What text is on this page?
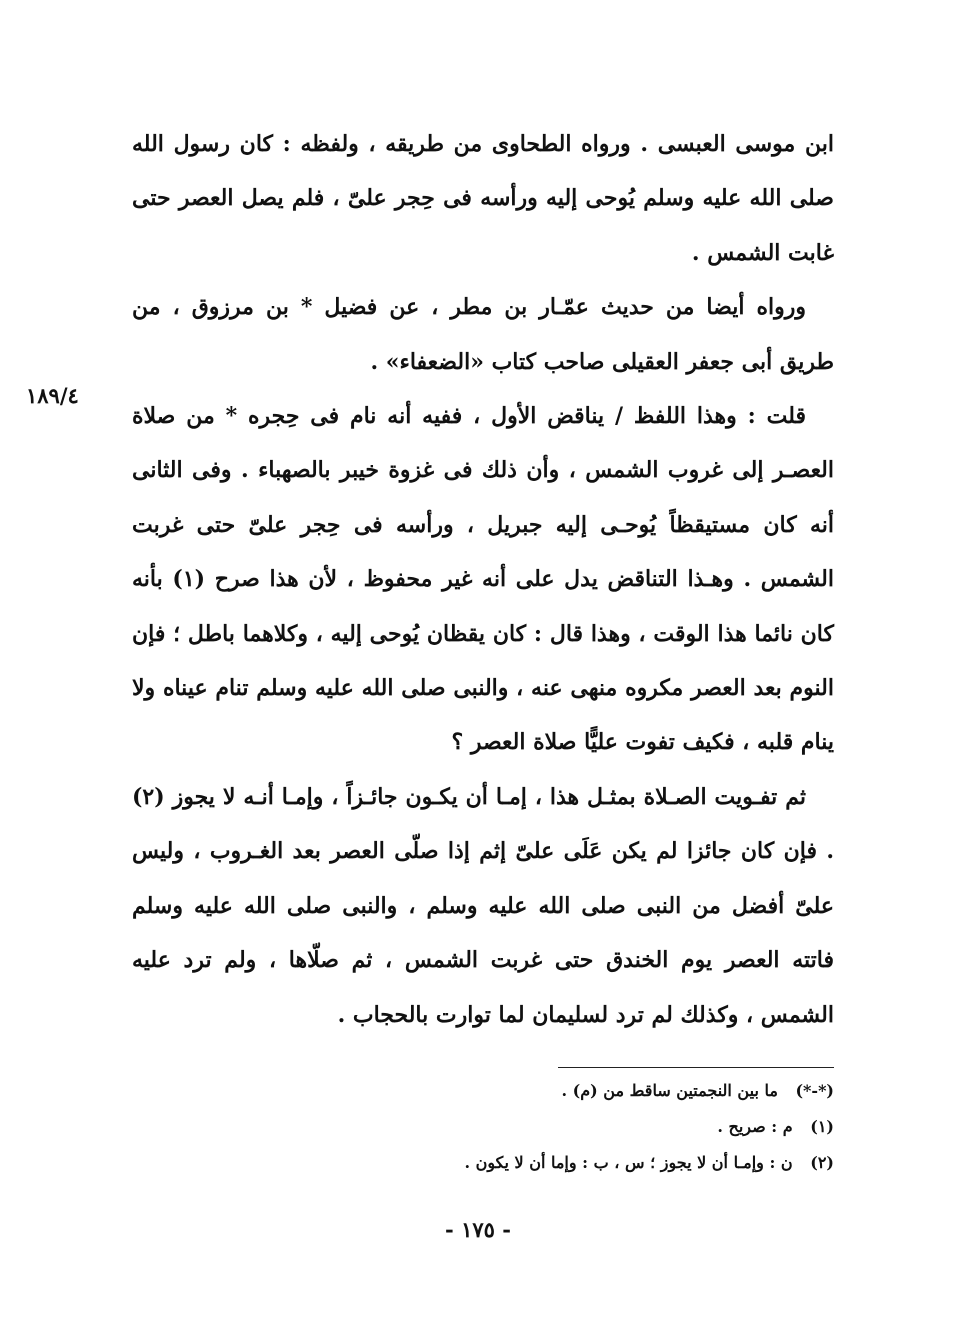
١٨٩/٤

ابن موسى العبسى . ورواه الطحاوى من طريقه ، ولفظه : كان رسول الله صلى الله عليه وسلم يُوحى إليه ورأسه فى حِجر علىّ ، فلم يصل العصر حتى غابت الشمس .

ورواه أيضا من حديث عمّـار بن مطر ، عن فضيل * بن مرزوق ، من طريق أبى جعفر العقيلى صاحب كتاب «الضعفاء» .

قلت : وهذا اللفظ / يناقض الأول ، ففيه أنه نام فى حِجره * من صلاة العصـر إلى غروب الشمس ، وأن ذلك فى غزوة خيبر بالصهباء . وفى الثانى أنه كان مستيقظاً يُوحـى إليه جبريل ، ورأسه فى حِجر علىّ حتى غربت الشمس . وهـذا التناقض يدل على أنه غير محفوظ ، لأن هذا صرح (١) بأنه كان نائما هذا الوقت ، وهذا قال : كان يقظان يُوحى إليه ، وكلاهما باطل ؛ فإن النوم بعد العصر مكروه منهى عنه ، والنبى صلى الله عليه وسلم تنام عيناه ولا ينام قلبه ، فكيف تفوت عليًّا صلاة العصر ؟

ثم تفـويت الصـلاة بمثـل هذا ، إمـا أن يكـون جائـزاً ، وإمـا أنـه لا يجوز (٢) . فإن كان جائزا لم يكن عَلَى علىّ إثم إذا صلّى العصر بعد الغـروب ، وليس علىّ أفضل من النبى صلى الله عليه وسلم ، والنبى صلى الله عليه وسلم فاتته العصر يوم الخندق حتى غربت الشمس ، ثم صلّاها ، ولم ترد عليه الشمس ، وكذلك لم ترد لسليمان لما توارت بالحجاب .

(*-*) ما بين النجمتين ساقط من (م) .

(١) م : صريح .

(٢) ن : وإمـا أن لا يجوز ؛ س ، ب : وإما أن لا يكون .

- ١٧٥ -
